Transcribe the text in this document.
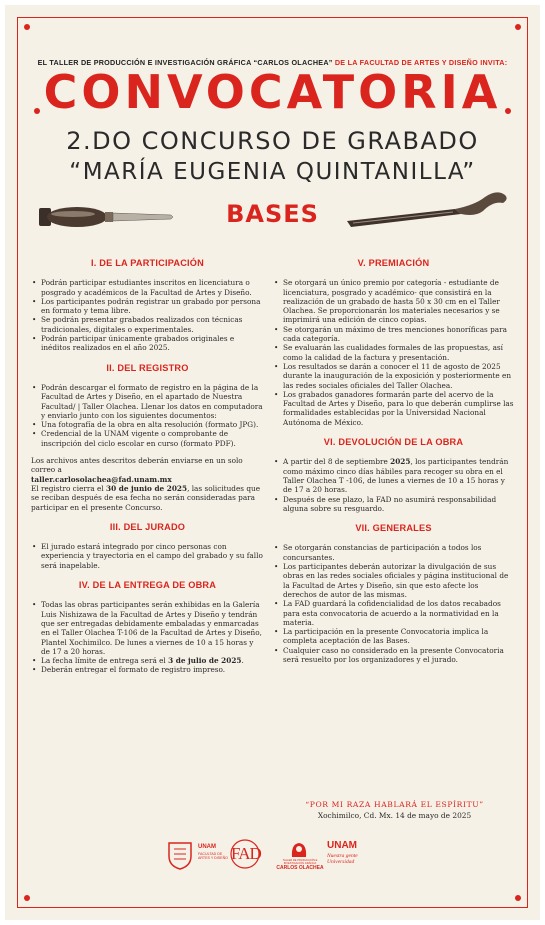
EL TALLER DE PRODUCCIÓN E INVESTIGACIÓN GRÁFICA “CARLOS OLACHEA” DE LA FACULTAD DE ARTES Y DISEÑO INVITA:
CONVOCATORIA
2.DO CONCURSO DE GRABADO
“MARÍA EUGENIA QUINTANILLA”
BASES
I. DE LA PARTICIPACIÓN
• Podrán participar estudiantes inscritos en licenciatura o posgrado y académicos de la Facultad de Artes y Diseño.
• Los participantes podrán registrar un grabado por persona en formato y tema libre.
• Se podrán presentar grabados realizados con técnicas tradicionales, digitales o experimentales.
• Podrán participar únicamente grabados originales e inéditos realizados en el año 2025.
II. DEL REGISTRO
• Podrán descargar el formato de registro en la página de la Facultad de Artes y Diseño, en el apartado de Nuestra Facultad/ | Taller Olachea. Llenar los datos en computadora y enviarlo junto con los siguientes documentos:
• Una fotografía de la obra en alta resolución (formato JPG).
• Credencial de la UNAM vigente o comprobante de inscripción del ciclo escolar en curso (formato PDF).

Los archivos antes descritos deberán enviarse en un solo correo a

taller.carlosolachea@fad.unam.mx

El registro cierra el 30 de junio de 2025, las solicitudes que se reciban después de esa fecha no serán consideradas para participar en el presente Concurso.

III. DEL JURADO
• El jurado estará integrado por cinco personas con experiencia y trayectoria en el campo del grabado y su fallo será inapelable.
IV. DE LA ENTREGA DE OBRA
• Todas las obras participantes serán exhibidas en la Galería Luis Nishizawa de la Facultad de Artes y Diseño y tendrán que ser entregadas debidamente embaladas y enmarcadas en el Taller Olachea T-106 de la Facultad de Artes y Diseño, Plantel Xochimilco. De lunes a viernes de 10 a 15 horas y de 17 a 20 horas.
• La fecha límite de entrega será el 3 de julio de 2025.
• Deberán entregar el formato de registro impreso.
V. PREMIACIÓN
• Se otorgará un único premio por categoría - estudiante de licenciatura, posgrado y académico- que consistirá en la realización de un grabado de hasta 50 x 30 cm en el Taller Olachea. Se proporcionarán los materiales necesarios y se imprimirá una edición de cinco copias.
• Se otorgarán un máximo de tres menciones honoríficas para cada categoría.
• Se evaluarán las cualidades formales de las propuestas, así como la calidad de la factura y presentación.
• Los resultados se darán a conocer el 11 de agosto de 2025 durante la inauguración de la exposición y posteriormente en las redes sociales oficiales del Taller Olachea.
• Los grabados ganadores formarán parte del acervo de la Facultad de Artes y Diseño, para lo que deberán cumplirse las formalidades establecidas por la Universidad Nacional Autónoma de México.
VI. DEVOLUCIÓN DE LA OBRA
• A partir del 8 de septiembre 2025, los participantes tendrán como máximo cinco días hábiles para recoger su obra en el Taller Olachea T -106, de lunes a viernes de 10 a 15 horas y de 17 a 20 horas.
• Después de ese plazo, la FAD no asumirá responsabilidad alguna sobre su resguardo.
VII. GENERALES
• Se otorgarán constancias de participación a todos los concursantes.
• Los participantes deberán autorizar la divulgación de sus obras en las redes sociales oficiales y página institucional de la Facultad de Artes y Diseño, sin que esto afecte los derechos de autor de las mismas.
• La FAD guardará la cofidencialidad de los datos recabados para esta convocatoria de acuerdo a la normatividad en la materia.
• La participación en la presente Convocatoria implica la completa aceptación de las Bases.
• Cualquier caso no considerado en la presente Convocatoria será resuelto por los organizadores y el jurado.
“POR MI RAZA HABLARÁ EL ESPÍRITU”
Xochimilco, Cd. Mx. 14 de mayo de 2025
UNAM
FACULTAD DE ARTES Y DISEÑO FAD	TALLER DE PRODUCCIÓN E INVESTIGACIÓN GRÁFICA
CARLOS OLACHEA
UNAM
Nuestra gente Universidad
